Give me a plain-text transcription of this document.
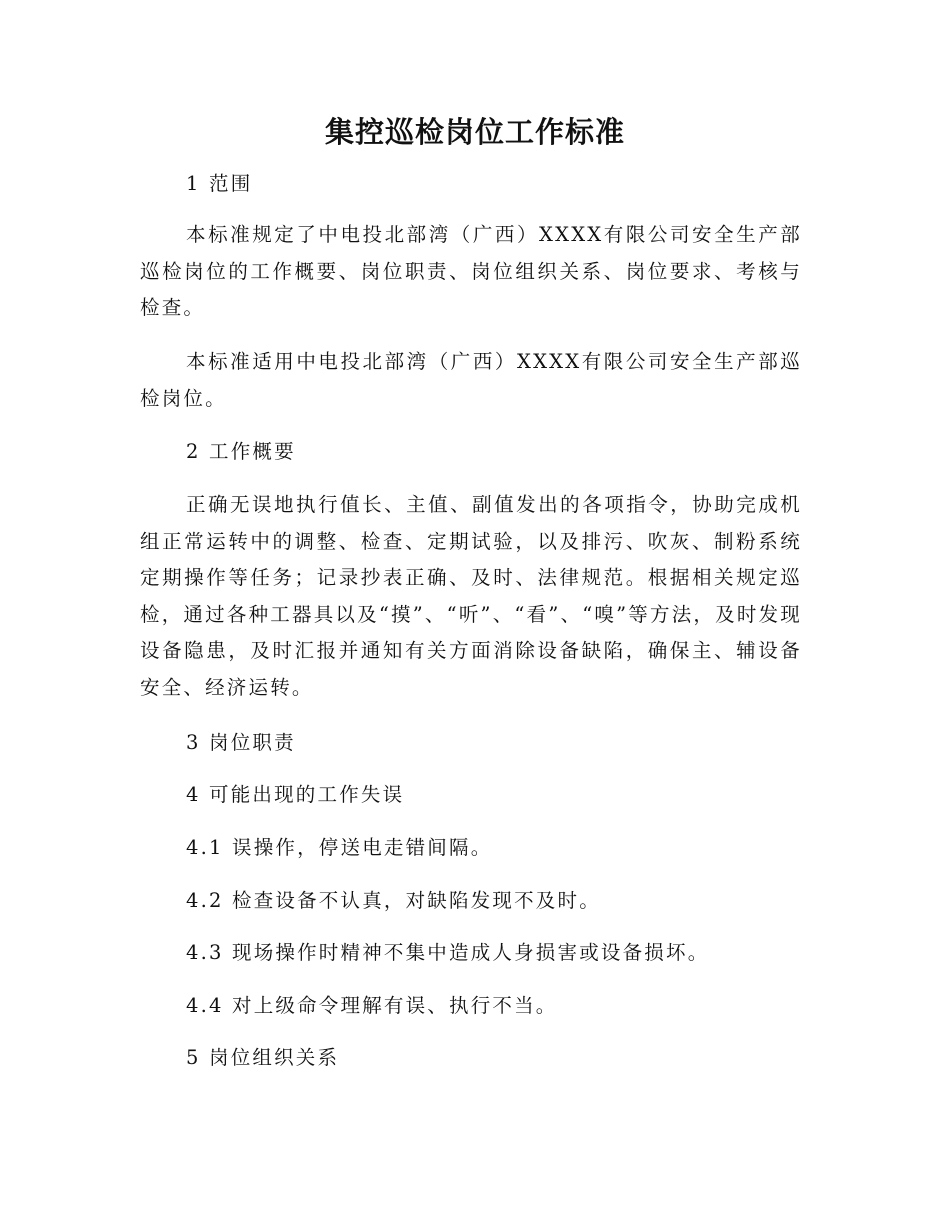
集控巡检岗位工作标准

1 范围

本标准规定了中电投北部湾（广西）XXXX有限公司安全生产部巡检岗位的工作概要、岗位职责、岗位组织关系、岗位要求、考核与检查。

本标准适用中电投北部湾（广西）XXXX有限公司安全生产部巡检岗位。

2 工作概要

正确无误地执行值长、主值、副值发出的各项指令，协助完成机组正常运转中的调整、检查、定期试验，以及排污、吹灰、制粉系统定期操作等任务；记录抄表正确、及时、法律规范。根据相关规定巡检，通过各种工器具以及“摸”、“听”、“看”、“嗅”等方法，及时发现设备隐患，及时汇报并通知有关方面消除设备缺陷，确保主、辅设备安全、经济运转。

3 岗位职责

4 可能出现的工作失误

4.1 误操作，停送电走错间隔。

4.2 检查设备不认真，对缺陷发现不及时。

4.3 现场操作时精神不集中造成人身损害或设备损坏。

4.4 对上级命令理解有误、执行不当。

5 岗位组织关系
